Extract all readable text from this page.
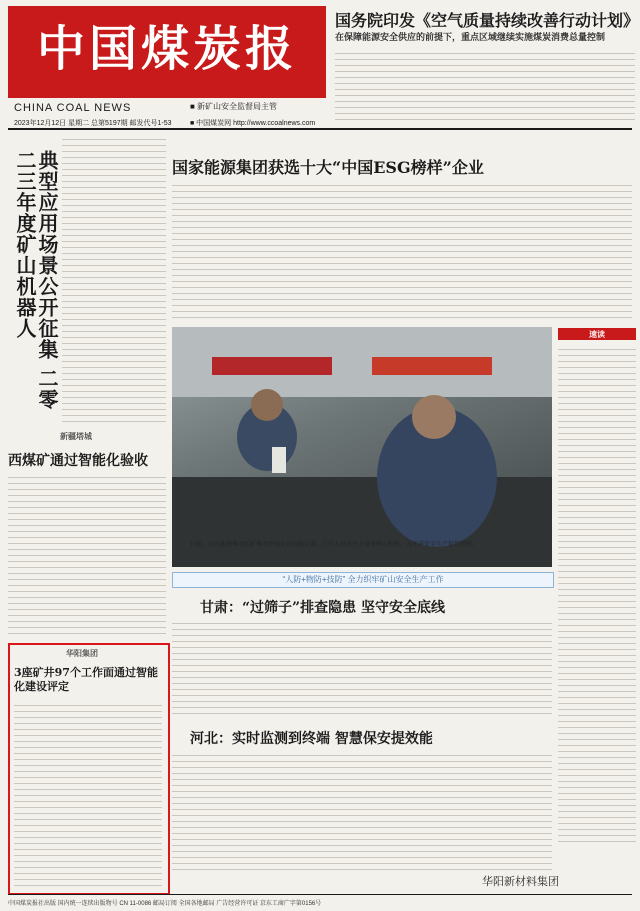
中国煤炭报
CHINA COAL NEWS	■ 新矿山安全监督局主管
2023年12月12日 星期二 总第5197期 邮发代号1-53	■ 中国煤炭网 http://www.ccoalnews.com
国务院印发《空气质量持续改善行动计划》
在保障能源安全供应的前提下，重点区域继续实施煤炭消费总量控制
典型应用场景公开征集 二零二三年度矿山机器人	国家能源集团获选十大“中国ESG榜样”企业
新疆塔城
西煤矿通过智能化验收
日前，山东能源集团新矿集团开展全员技能竞赛，工作人员对井下设备精心检修，为冬季安全生产提供保障。
速读
“人防+物防+技防” 全力织牢矿山安全生产工作
甘肃：“过筛子”排查隐患 坚守安全底线
河北：实时监测到终端 智慧保安提效能
华阳集团
3座矿井97个工作面通过智能化建设评定
中国煤炭报社出版 国内统一连续出版物号 CN 11-0086 邮局订阅 全国各地邮局 广告经营许可证 京东工商广字第0156号
华阳新材料集团
